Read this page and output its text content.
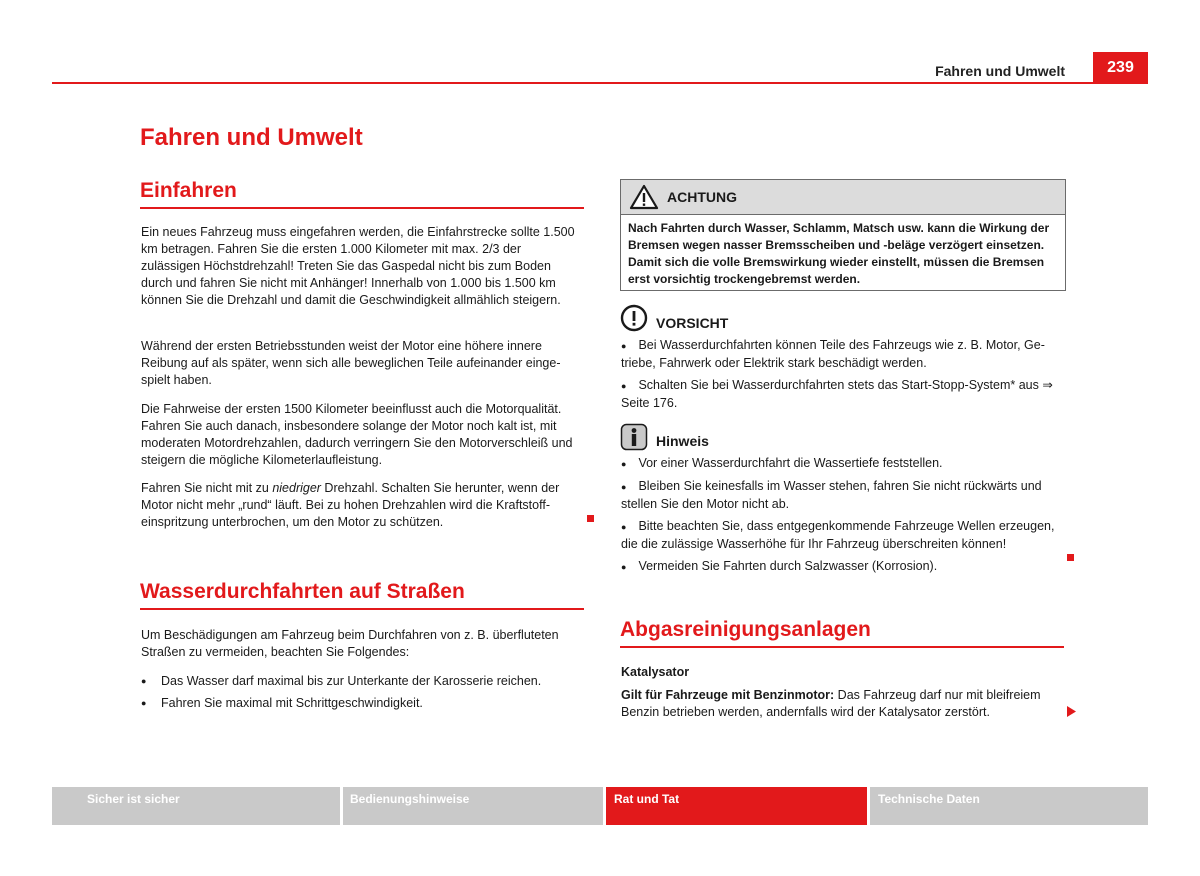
Fahren und Umwelt	239
Fahren und Umwelt
Einfahren

Ein neues Fahrzeug muss eingefahren werden, die Einfahrstrecke sollte 1.500 km betragen. Fahren Sie die ersten 1.000 Kilometer mit max. 2/3 der zulässigen Höchstdrehzahl! Treten Sie das Gaspedal nicht bis zum Boden durch und fahren Sie nicht mit Anhänger! Innerhalb von 1.000 bis 1.500 km können Sie die Drehzahl und damit die Geschwindigkeit allmählich steigern.

Während der ersten Betriebsstunden weist der Motor eine höhere innere Reibung auf als später, wenn sich alle beweglichen Teile aufeinander eingespielt haben.

Die Fahrweise der ersten 1500 Kilometer beeinflusst auch die Motorqualität. Fahren Sie auch danach, insbesondere solange der Motor noch kalt ist, mit moderaten Motordrehzahlen, dadurch verringern Sie den Motorverschleiß und steigern die mögliche Kilometerlaufleistung.

Fahren Sie nicht mit zu niedriger Drehzahl. Schalten Sie herunter, wenn der Motor nicht mehr „rund“ läuft. Bei zu hohen Drehzahlen wird die Kraftstoffeinspritzung unterbrochen, um den Motor zu schützen.

Wasserdurchfahrten auf Straßen

Um Beschädigungen am Fahrzeug beim Durchfahren von z. B. überfluteten Straßen zu vermeiden, beachten Sie Folgendes:

● Das Wasser darf maximal bis zur Unterkante der Karosserie reichen.
● Fahren Sie maximal mit Schrittgeschwindigkeit.
ACHTUNG
Nach Fahrten durch Wasser, Schlamm, Matsch usw. kann die Wirkung der Bremsen wegen nasser Bremsscheiben und -beläge verzögert einsetzen. Damit sich die volle Bremswirkung wieder einstellt, müssen die Bremsen erst vorsichtig trockengebremst werden.
VORSICHT
● Bei Wasserdurchfahrten können Teile des Fahrzeugs wie z. B. Motor, Getriebe, Fahrwerk oder Elektrik stark beschädigt werden.
● Schalten Sie bei Wasserdurchfahrten stets das Start-Stopp-System* aus ⇒ Seite 176.
Hinweis
● Vor einer Wasserdurchfahrt die Wassertiefe feststellen.
● Bleiben Sie keinesfalls im Wasser stehen, fahren Sie nicht rückwärts und stellen Sie den Motor nicht ab.
● Bitte beachten Sie, dass entgegenkommende Fahrzeuge Wellen erzeugen, die die zulässige Wasserhöhe für Ihr Fahrzeug überschreiten können!
● Vermeiden Sie Fahrten durch Salzwasser (Korrosion).
Abgasreinigungsanlagen
Katalysator

Gilt für Fahrzeuge mit Benzinmotor: Das Fahrzeug darf nur mit bleifreiem Benzin betrieben werden, andernfalls wird der Katalysator zerstört.

Sicher ist sicher	Bedienungshinweise	Rat und Tat	Technische Daten
